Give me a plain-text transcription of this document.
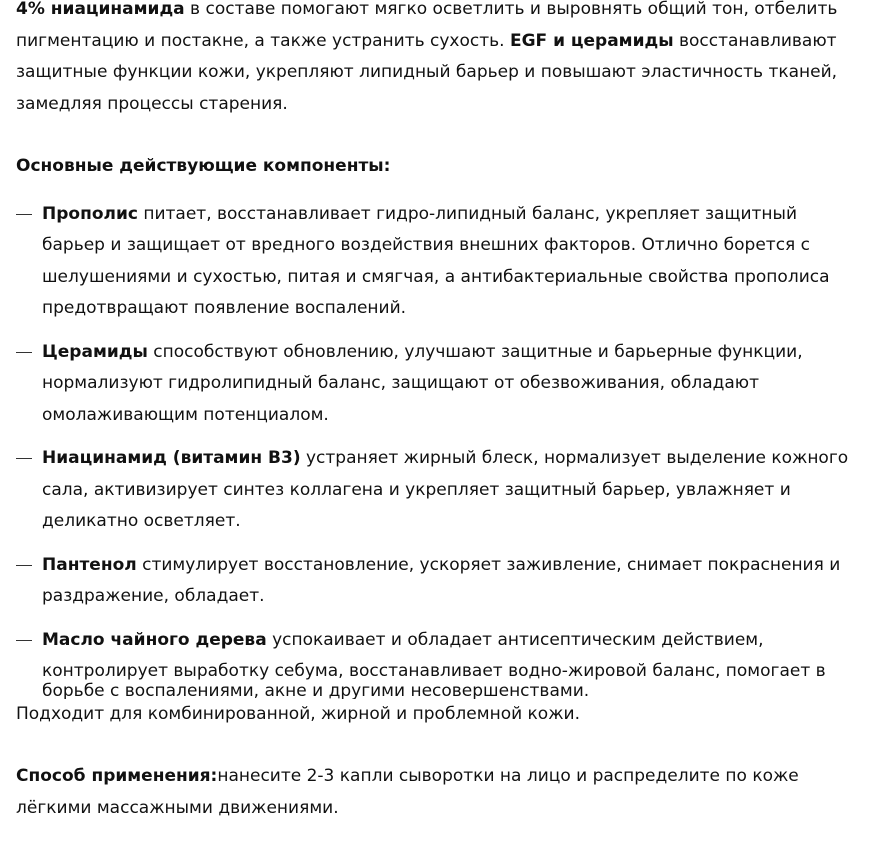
4% ниацинамида в составе помогают мягко осветлить и выровнять общий тон, отбелить пигментацию и постакне, а также устранить сухость. EGF и церамиды восстанавливают защитные функции кожи, укрепляют липидный барьер и повышают эластичность тканей, замедляя процессы старения.

Основные действующие компоненты:

Прополис питает, восстанавливает гидро-липидный баланс, укрепляет защитный барьер и защищает от вредного воздействия внешних факторов. Отлично борется с шелушениями и сухостью, питая и смягчая, а антибактериальные свойства прополиса предотвращают появление воспалений.
Церамиды способствуют обновлению, улучшают защитные и барьерные функции, нормализуют гидролипидный баланс, защищают от обезвоживания, обладают омолаживающим потенциалом.
Ниацинамид (витамин B3) устраняет жирный блеск, нормализует выделение кожного сала, активизирует синтез коллагена и укрепляет защитный барьер, увлажняет и деликатно осветляет.
Пантенол стимулирует восстановление, ускоряет заживление, снимает покраснения и раздражение, обладает.
Масло чайного дерева успокаивает и обладает антисептическим действием, контролирует выработку себума, восстанавливает водно-жировой баланс, помогает в
борьбе с воспалениями, акне и другими несовершенствами.

Подходит для комбинированной, жирной и проблемной кожи.

Способ применения:нанесите 2-3 капли сыворотки на лицо и распределите по коже лёгкими массажными движениями.
